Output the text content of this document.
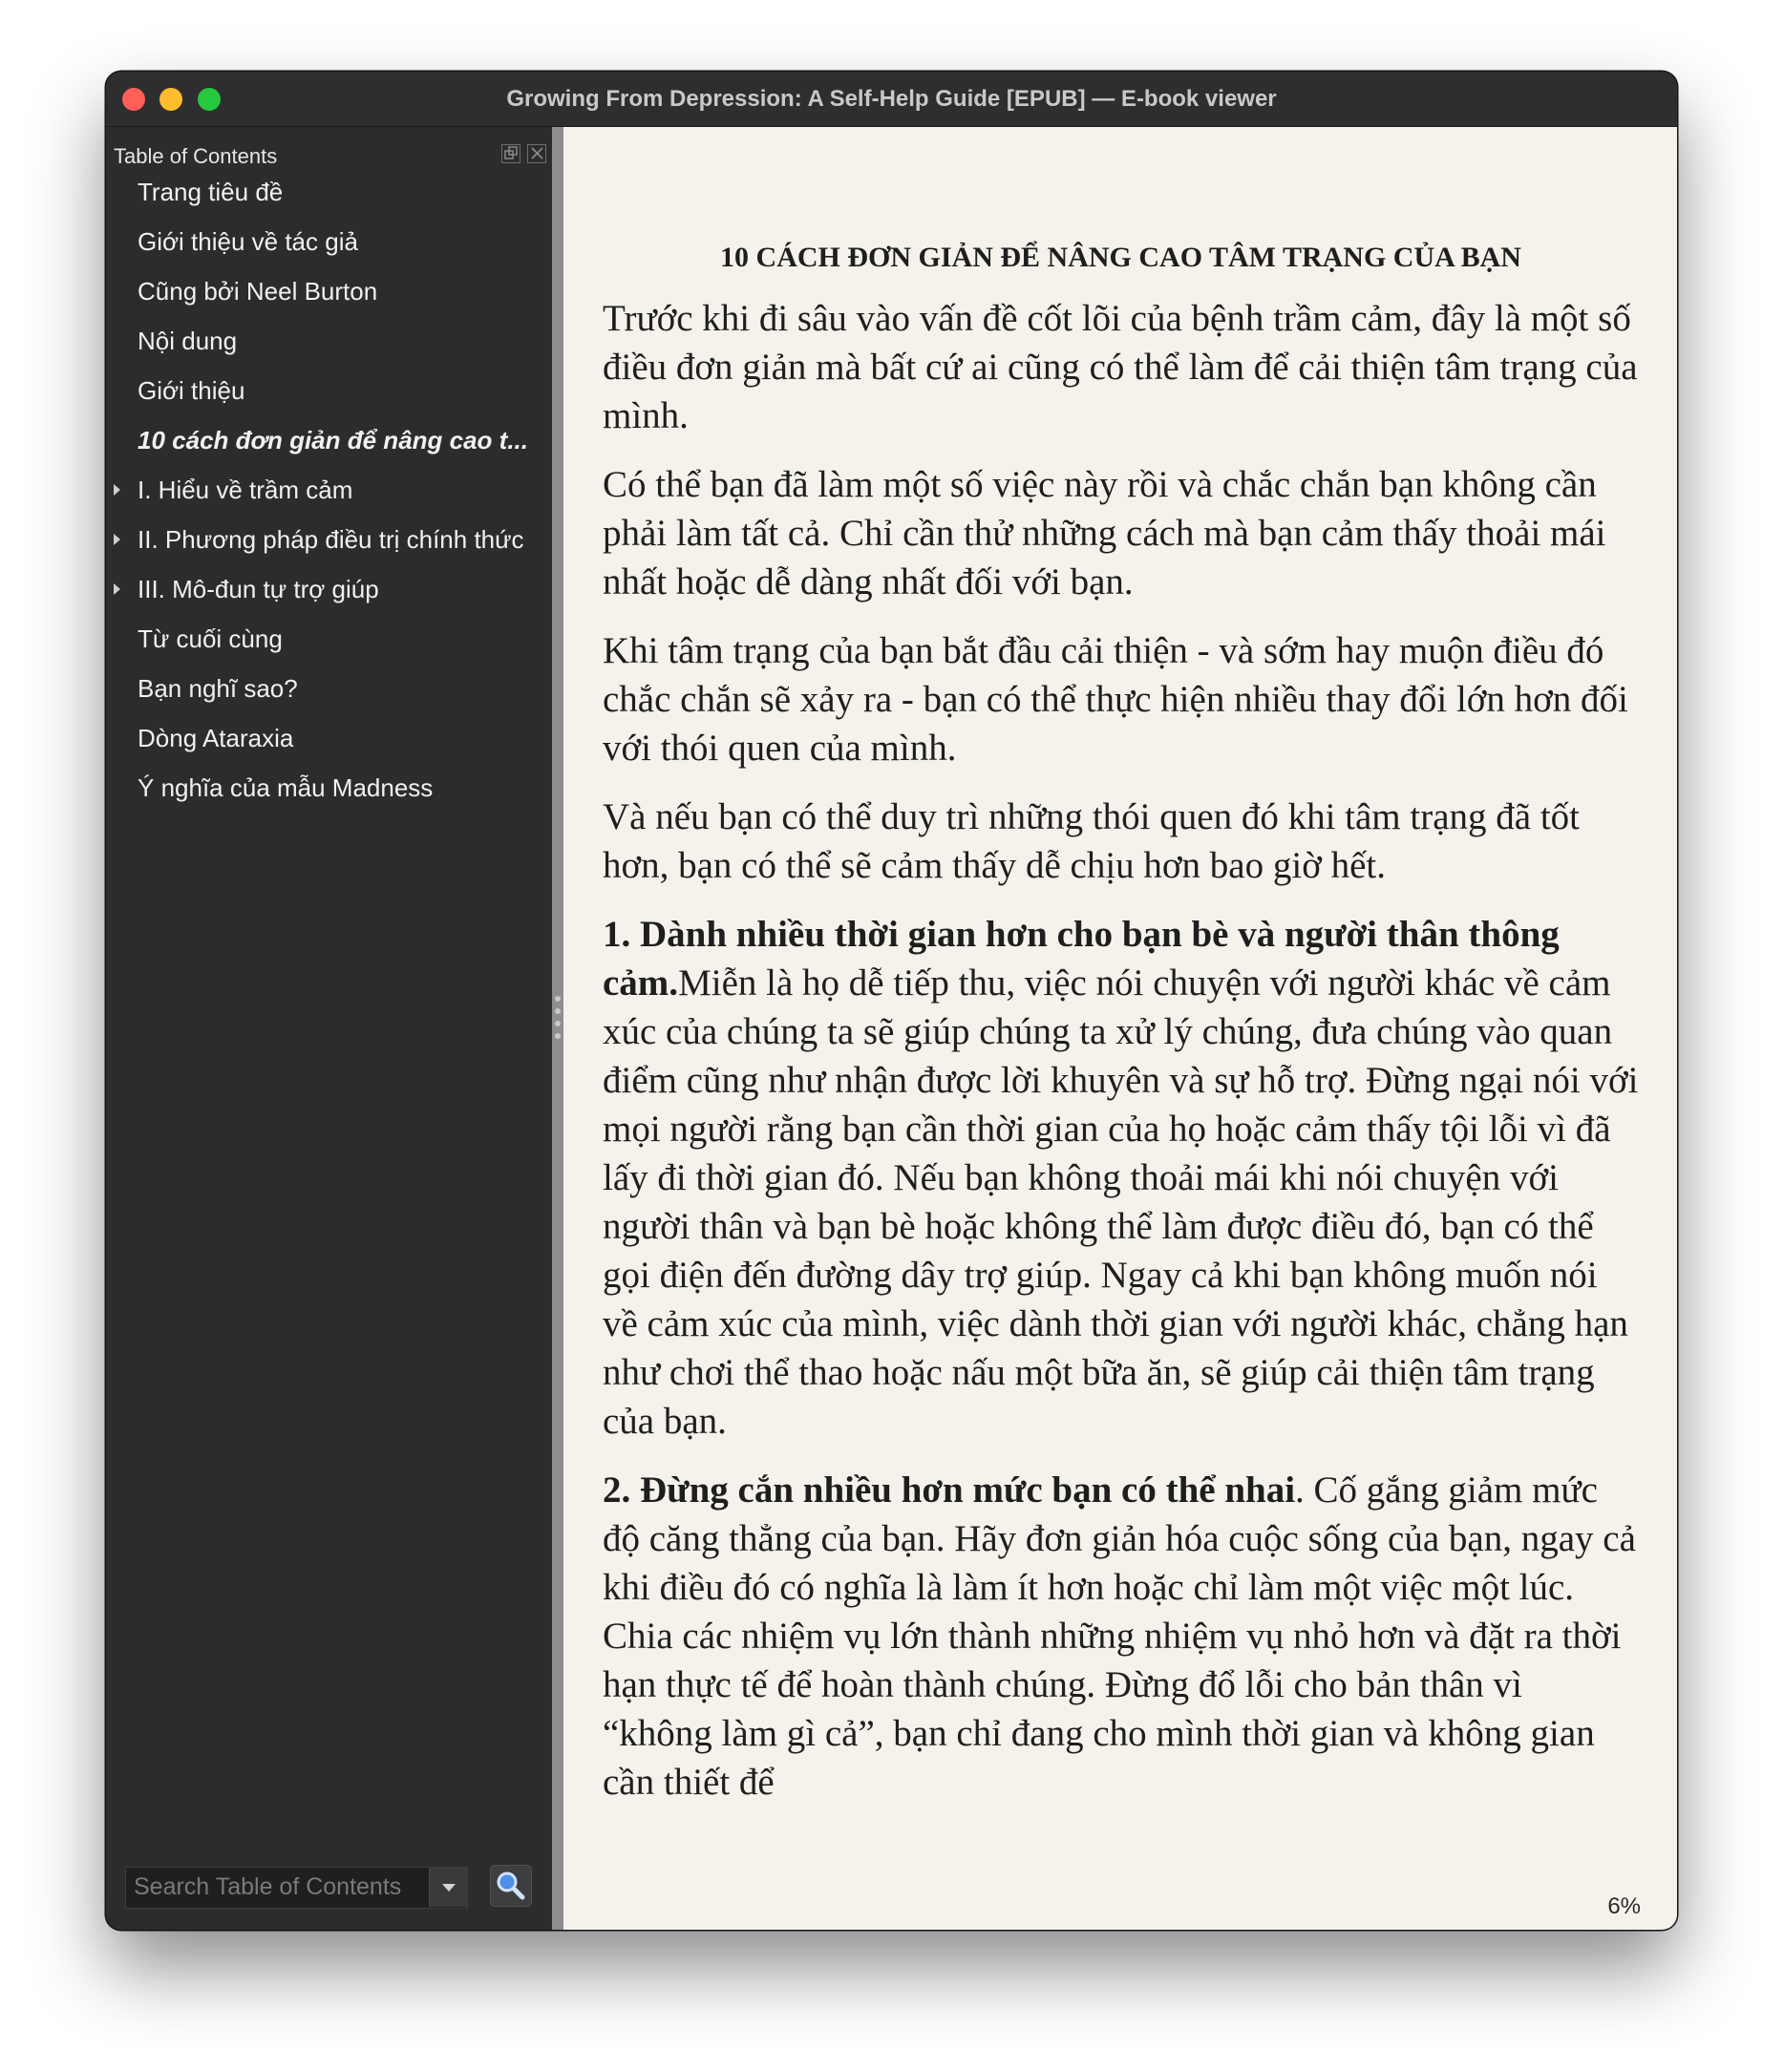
Growing From Depression: A Self-Help Guide [EPUB] — E-book viewer
Table of Contents
Trang tiêu đề
Giới thiệu về tác giả
Cũng bởi Neel Burton
Nội dung
Giới thiệu
10 cách đơn giản để nâng cao t...
I. Hiểu về trầm cảm
II. Phương pháp điều trị chính thức
III. Mô-đun tự trợ giúp
Từ cuối cùng
Bạn nghĩ sao?
Dòng Ataraxia
Ý nghĩa của mẫu Madness
Search Table of Contents
10 CÁCH ĐƠN GIẢN ĐỂ NÂNG CAO TÂM TRẠNG CỦA BẠN

Trước khi đi sâu vào vấn đề cốt lõi của bệnh trầm cảm, đây là một số điều đơn giản mà bất cứ ai cũng có thể làm để cải thiện tâm trạng của mình.

Có thể bạn đã làm một số việc này rồi và chắc chắn bạn không cần phải làm tất cả. Chỉ cần thử những cách mà bạn cảm thấy thoải mái nhất hoặc dễ dàng nhất đối với bạn.

Khi tâm trạng của bạn bắt đầu cải thiện - và sớm hay muộn điều đó chắc chắn sẽ xảy ra - bạn có thể thực hiện nhiều thay đổi lớn hơn đối với thói quen của mình.

Và nếu bạn có thể duy trì những thói quen đó khi tâm trạng đã tốt hơn, bạn có thể sẽ cảm thấy dễ chịu hơn bao giờ hết.

1. Dành nhiều thời gian hơn cho bạn bè và người thân thông cảm.Miễn là họ dễ tiếp thu, việc nói chuyện với người khác về cảm xúc của chúng ta sẽ giúp chúng ta xử lý chúng, đưa chúng vào quan điểm cũng như nhận được lời khuyên và sự hỗ trợ. Đừng ngại nói với mọi người rằng bạn cần thời gian của họ hoặc cảm thấy tội lỗi vì đã lấy đi thời gian đó. Nếu bạn không thoải mái khi nói chuyện với người thân và bạn bè hoặc không thể làm được điều đó, bạn có thể gọi điện đến đường dây trợ giúp. Ngay cả khi bạn không muốn nói về cảm xúc của mình, việc dành thời gian với người khác, chẳng hạn như chơi thể thao hoặc nấu một bữa ăn, sẽ giúp cải thiện tâm trạng của bạn.

2. Đừng cắn nhiều hơn mức bạn có thể nhai. Cố gắng giảm mức độ căng thẳng của bạn. Hãy đơn giản hóa cuộc sống của bạn, ngay cả khi điều đó có nghĩa là làm ít hơn hoặc chỉ làm một việc một lúc. Chia các nhiệm vụ lớn thành những nhiệm vụ nhỏ hơn và đặt ra thời hạn thực tế để hoàn thành chúng. Đừng đổ lỗi cho bản thân vì “không làm gì cả”, bạn chỉ đang cho mình thời gian và không gian cần thiết để

6%
